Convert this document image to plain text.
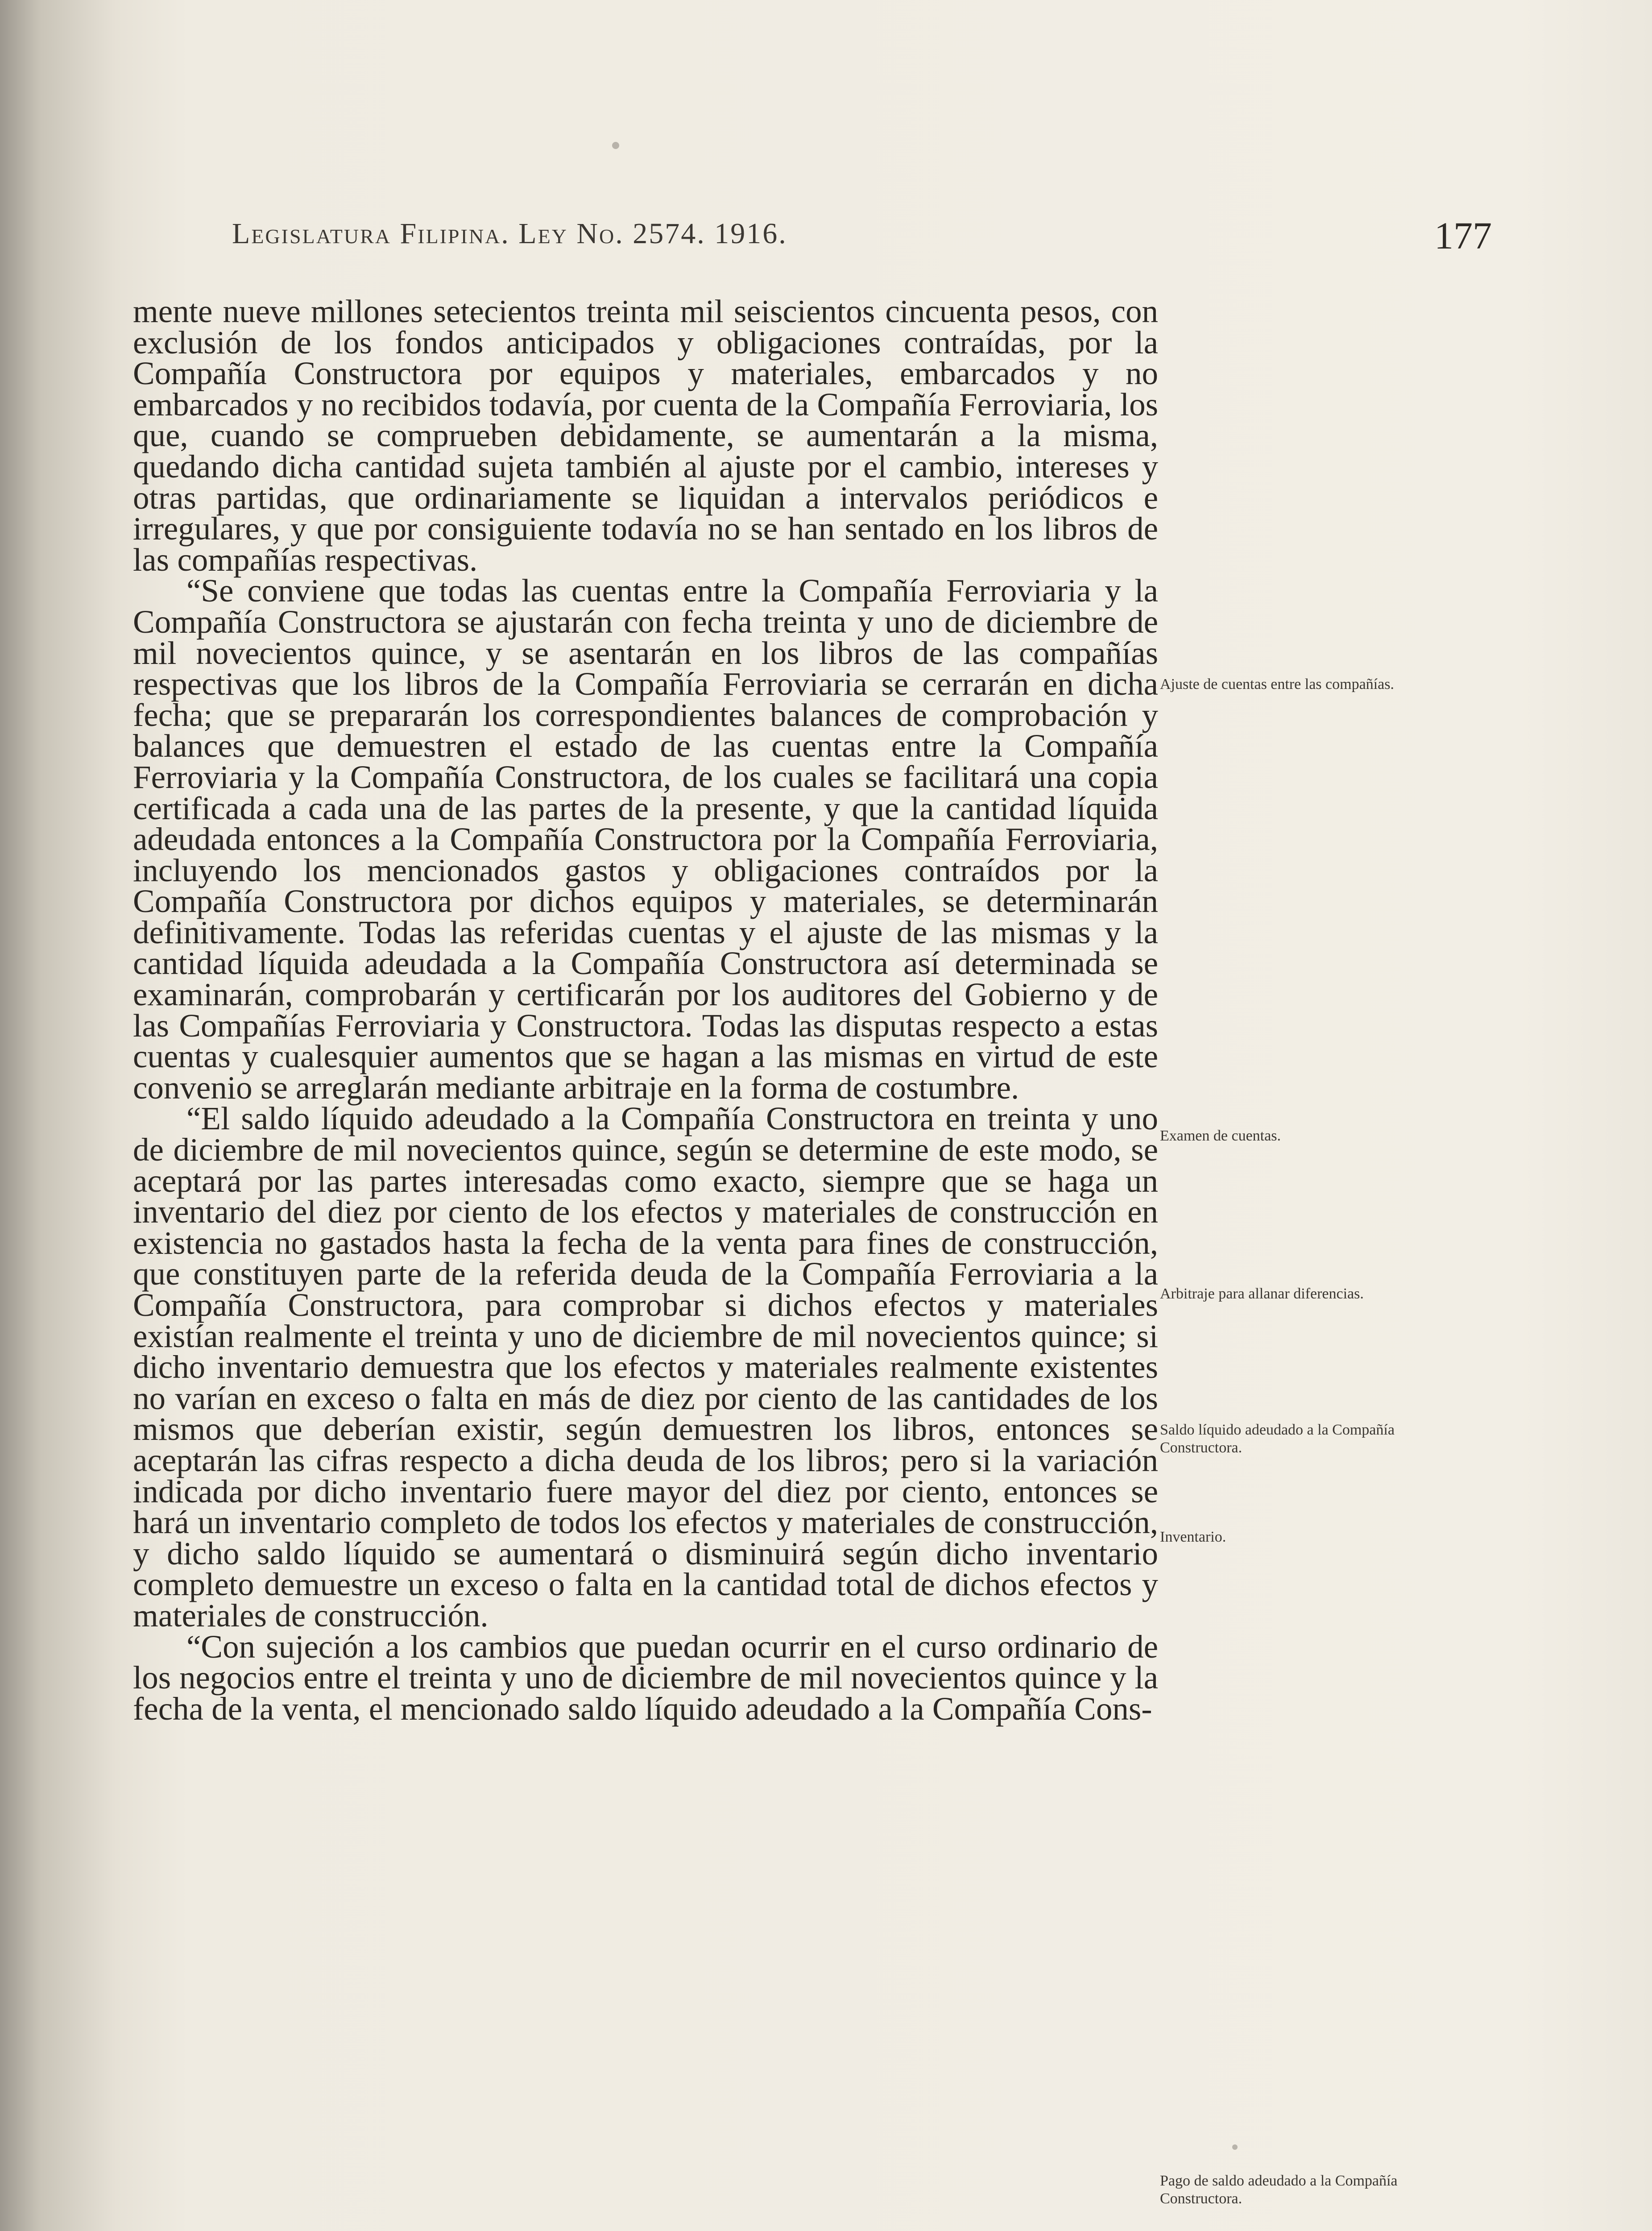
Legislatura Filipina. Ley No. 2574. 1916.	177

mente nueve millones setecientos treinta mil seiscientos cincuenta pesos, con exclusión de los fondos anticipados y obligaciones contraídas, por la Compañía Constructora por equipos y materiales, embarcados y no embarcados y no recibidos todavía, por cuenta de la Compañía Ferroviaria, los que, cuando se comprueben debidamente, se aumentarán a la misma, quedando dicha cantidad sujeta también al ajuste por el cambio, intereses y otras partidas, que ordinariamente se liquidan a intervalos periódicos e irregulares, y que por consiguiente todavía no se han sentado en los libros de las compañías respectivas.

“Se conviene que todas las cuentas entre la Compañía Ferroviaria y la Compañía Constructora se ajustarán con fecha treinta y uno de diciembre de mil novecientos quince, y se asentarán en los libros de las compañías respectivas que los libros de la Compañía Ferroviaria se cerrarán en dicha fecha; que se prepararán los correspondientes balances de comprobación y balances que demuestren el estado de las cuentas entre la Compañía Ferroviaria y la Compañía Constructora, de los cuales se facilitará una copia certificada a cada una de las partes de la presente, y que la cantidad líquida adeudada entonces a la Compañía Constructora por la Compañía Ferroviaria, incluyendo los mencionados gastos y obligaciones contraídos por la Compañía Constructora por dichos equipos y materiales, se determinarán definitivamente. Todas las referidas cuentas y el ajuste de las mismas y la cantidad líquida adeudada a la Compañía Constructora así determinada se examinarán, comprobarán y certificarán por los auditores del Gobierno y de las Compañías Ferroviaria y Constructora. Todas las disputas respecto a estas cuentas y cualesquier aumentos que se hagan a las mismas en virtud de este convenio se arreglarán mediante arbitraje en la forma de costumbre.

“El saldo líquido adeudado a la Compañía Constructora en treinta y uno de diciembre de mil novecientos quince, según se determine de este modo, se aceptará por las partes interesadas como exacto, siempre que se haga un inventario del diez por ciento de los efectos y materiales de construcción en existencia no gastados hasta la fecha de la venta para fines de construcción, que constituyen parte de la referida deuda de la Compañía Ferroviaria a la Compañía Constructora, para comprobar si dichos efectos y materiales existían realmente el treinta y uno de diciembre de mil novecientos quince; si dicho inventario demuestra que los efectos y materiales realmente existentes no varían en exceso o falta en más de diez por ciento de las cantidades de los mismos que deberían existir, según demuestren los libros, entonces se aceptarán las cifras respecto a dicha deuda de los libros; pero si la variación indicada por dicho inventario fuere mayor del diez por ciento, entonces se hará un inventario completo de todos los efectos y materiales de construcción, y dicho saldo líquido se aumentará o disminuirá según dicho inventario completo demuestre un exceso o falta en la cantidad total de dichos efectos y materiales de construcción.

“Con sujeción a los cambios que puedan ocurrir en el curso ordinario de los negocios entre el treinta y uno de diciembre de mil novecientos quince y la fecha de la venta, el mencionado saldo líquido adeudado a la Compañía Cons-

Ajuste de cuentas entre las compañías.
Examen de cuentas.
Arbitraje para allanar diferencias.
Saldo líquido adeudado a la Compañía Constructora.
Inventario.
Pago de saldo adeudado a la Compañía Constructora.
